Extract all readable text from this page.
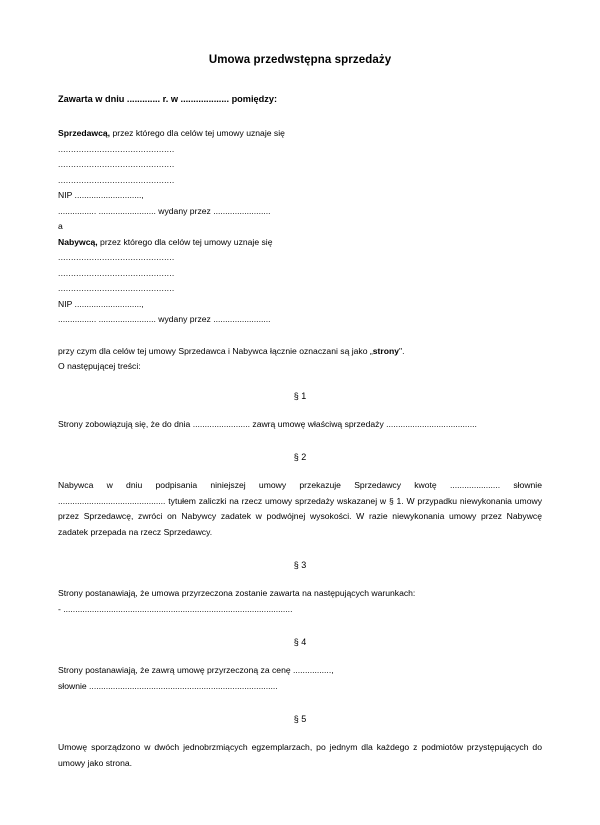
Umowa przedwstępna sprzedaży

Zawarta w dniu ............. r. w ................... pomiędzy:

Sprzedawcą, przez którego dla celów tej umowy uznaje się

.............................................

.............................................

.............................................

NIP ............................,

................ ........................ wydany przez ........................

a

Nabywcą, przez którego dla celów tej umowy uznaje się

.............................................

.............................................

.............................................

NIP ............................,

................ ........................ wydany przez ........................

przy czym dla celów tej umowy Sprzedawca i Nabywca łącznie oznaczani są jako „strony".

O następującej treści:

§ 1

Strony zobowiązują się, że do dnia ........................ zawrą umowę właściwą sprzedaży ......................................

§ 2

Nabywca w dniu podpisania niniejszej umowy przekazuje Sprzedawcy kwotę ..................... słownie ............................................. tytułem zaliczki na rzecz umowy sprzedaży wskazanej w § 1. W przypadku niewykonania umowy przez Sprzedawcę, zwróci on Nabywcy zadatek w podwójnej wysokości. W razie niewykonania umowy przez Nabywcę zadatek przepada na rzecz Sprzedawcy.

§ 3

Strony postanawiają, że umowa przyrzeczona zostanie zawarta na następujących warunkach:

- ................................................................................................

§ 4

Strony postanawiają, że zawrą umowę przyrzeczoną za cenę ................,

słownie ...............................................................................

§ 5

Umowę sporządzono w dwóch jednobrzmiących egzemplarzach, po jednym dla każdego z podmiotów przystępujących do umowy jako strona.
